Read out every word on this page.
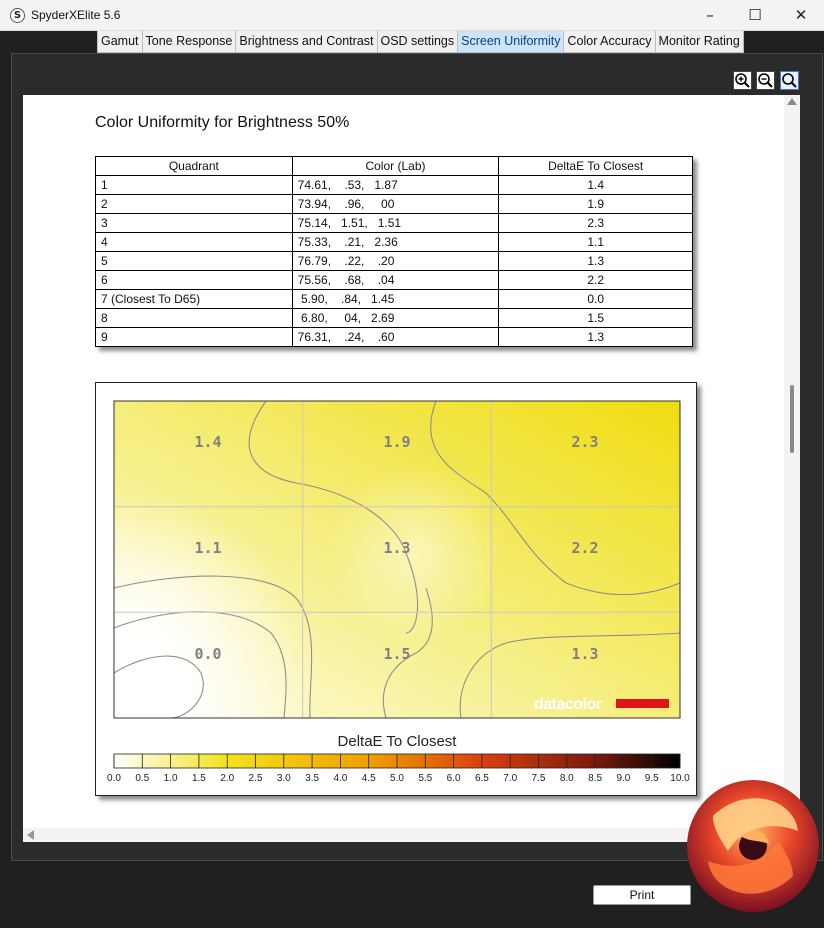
S SpyderXElite 5.6	–	☐	✕
Gamut Tone Response Brightness and Contrast OSD settings Screen Uniformity Color Accuracy Monitor Rating
Color Uniformity for Brightness 50%
Quadrant	Color (Lab)	DeltaE To Closest
1	74.61,    .53,   1.87	1.4
2	73.94,    .96,     00	1.9
3	75.14,   1.51,   1.51	2.3
4	75.33,    .21,   2.36	1.1
5	76.79,    .22,    .20	1.3
6	75.56,    .68,    .04	2.2
7 (Closest To D65)	5.90,    .84,   1.45	0.0
8	6.80,     04,   2.69	1.5
9	76.31,    .24,    .60	1.3
1.4	1.9	2.3
1.1	1.3	2.2
0.0	1.5	1.3
datacolor
0.0 0.5 1.0 1.5 2.0 2.5 3.0 3.5 4.0 4.5 5.0 5.5 6.0 6.5 7.0 7.5 8.0 8.5 9.0 9.5 10.0
DeltaE To Closest
Print
